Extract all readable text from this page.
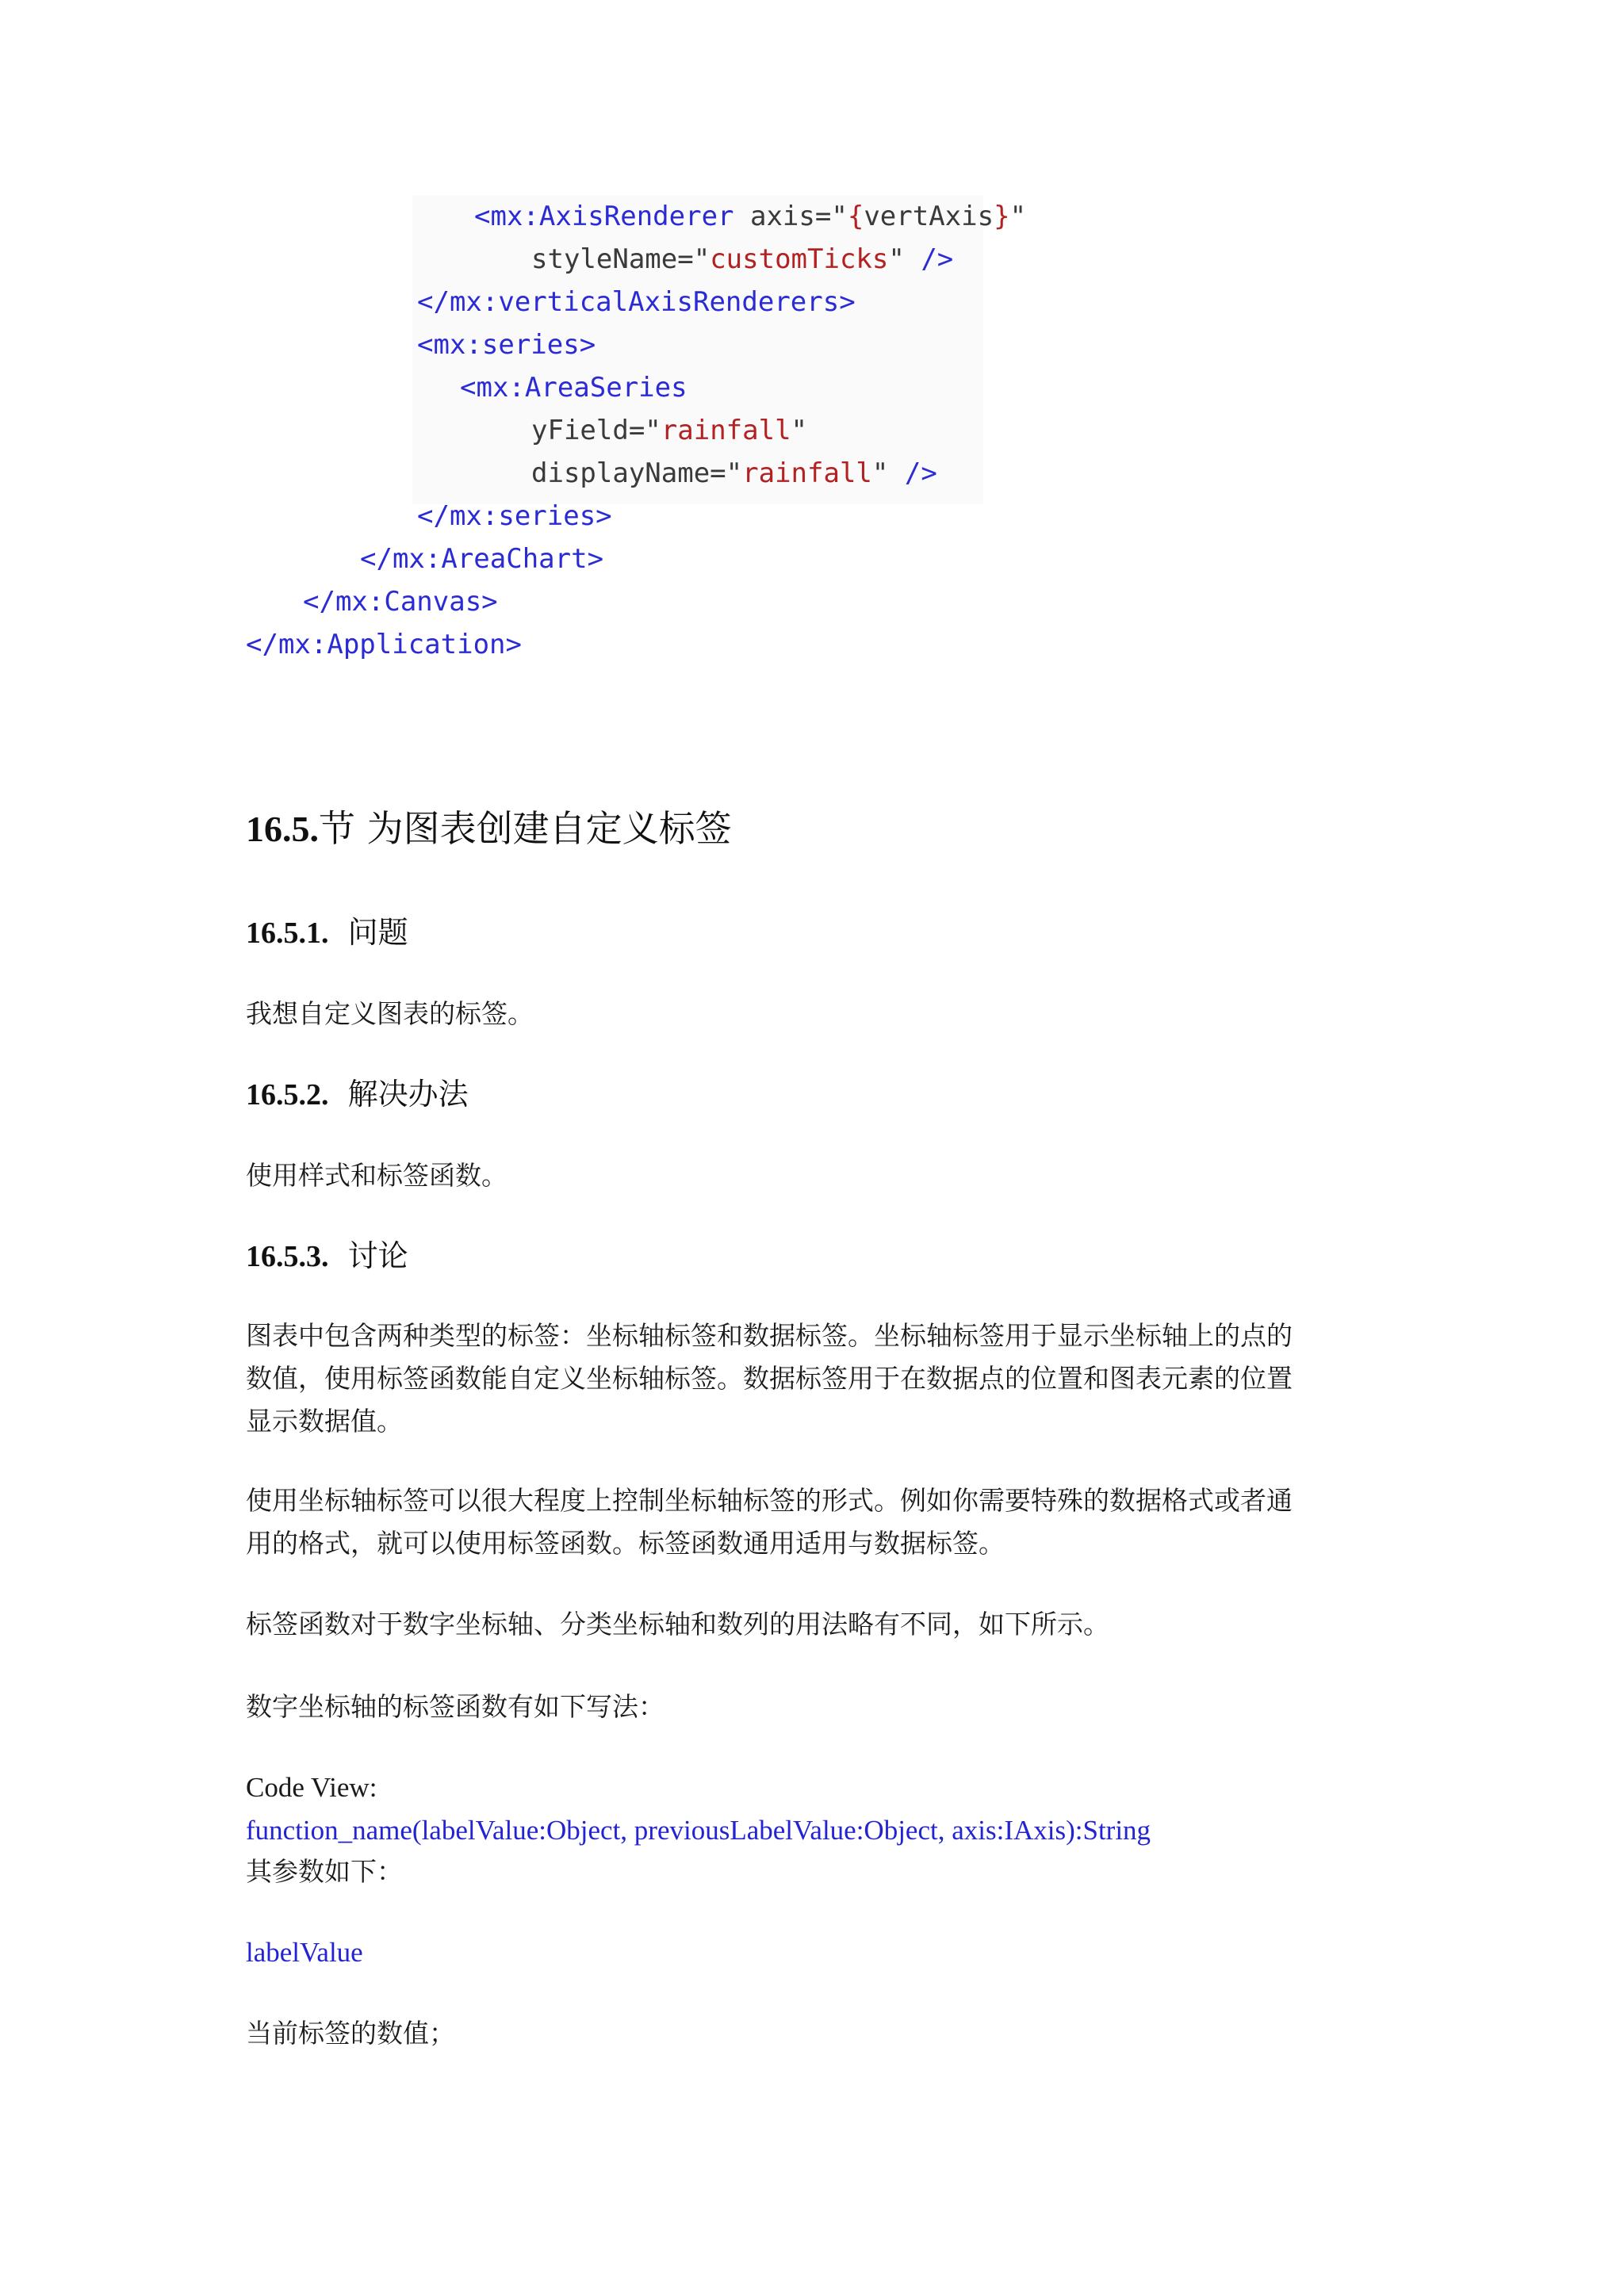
<mx:AxisRenderer axis="{vertAxis}"
styleName="customTicks" />
</mx:verticalAxisRenderers>
<mx:series>
<mx:AreaSeries
yField="rainfall"
displayName="rainfall" />
</mx:series>
</mx:AreaChart>
</mx:Canvas>
</mx:Application>
16.5.节 为图表创建自定义标签
16.5.1. 问题

我想自定义图表的标签。

16.5.2. 解决办法

使用样式和标签函数。

16.5.3. 讨论

图表中包含两种类型的标签：坐标轴标签和数据标签。坐标轴标签用于显示坐标轴上的点的

数值，使用标签函数能自定义坐标轴标签。数据标签用于在数据点的位置和图表元素的位置

显示数据值。

使用坐标轴标签可以很大程度上控制坐标轴标签的形式。例如你需要特殊的数据格式或者通

用的格式，就可以使用标签函数。标签函数通用适用与数据标签。

标签函数对于数字坐标轴、分类坐标轴和数列的用法略有不同，如下所示。

数字坐标轴的标签函数有如下写法：

Code View:

function_name(labelValue:Object, previousLabelValue:Object, axis:IAxis):String

其参数如下：

labelValue

当前标签的数值；
